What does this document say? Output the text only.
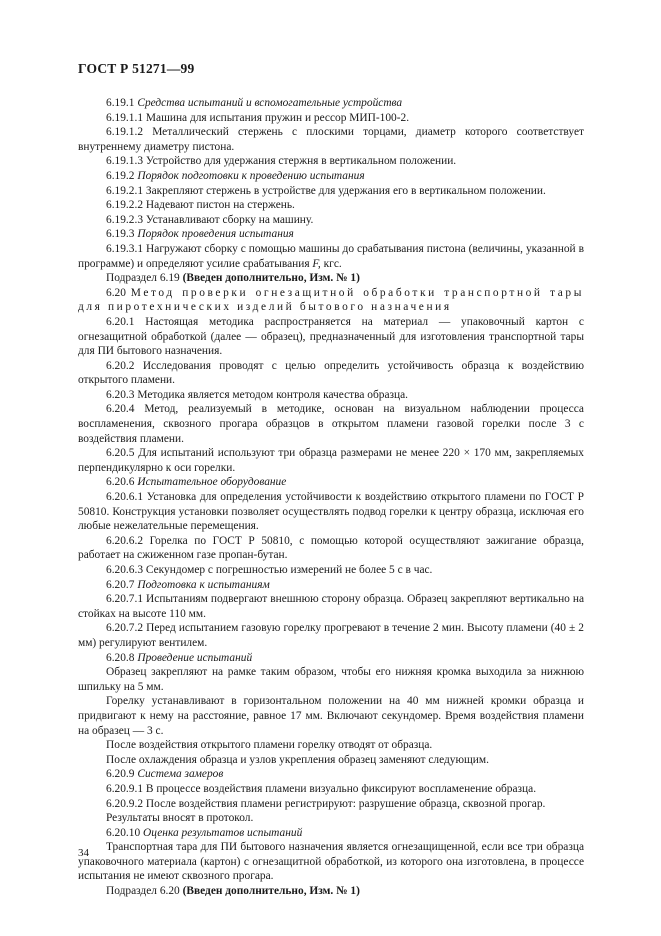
ГОСТ Р 51271—99

6.19.1 Средства испытаний и вспомогательные устройства

6.19.1.1 Машина для испытания пружин и рессор МИП-100-2.

6.19.1.2 Металлический стержень с плоскими торцами, диаметр которого соответствует внутреннему диаметру пистона.

6.19.1.3 Устройство для удержания стержня в вертикальном положении.

6.19.2 Порядок подготовки к проведению испытания

6.19.2.1 Закрепляют стержень в устройстве для удержания его в вертикальном положении.

6.19.2.2 Надевают пистон на стержень.

6.19.2.3 Устанавливают сборку на машину.

6.19.3 Порядок проведения испытания

6.19.3.1 Нагружают сборку с помощью машины до срабатывания пистона (величины, указанной в программе) и определяют усилие срабатывания F, кгс.

Подраздел 6.19 (Введен дополнительно, Изм. № 1)

6.20 Метод проверки огнезащитной обработки транспортной тары для пиротехнических изделий бытового назначения

6.20.1 Настоящая методика распространяется на материал — упаковочный картон с огнезащитной обработкой (далее — образец), предназначенный для изготовления транспортной тары для ПИ бытового назначения.

6.20.2 Исследования проводят с целью определить устойчивость образца к воздействию открытого пламени.

6.20.3 Методика является методом контроля качества образца.

6.20.4 Метод, реализуемый в методике, основан на визуальном наблюдении процесса воспламенения, сквозного прогара образцов в открытом пламени газовой горелки после 3 с воздействия пламени.

6.20.5 Для испытаний используют три образца размерами не менее 220 × 170 мм, закрепляемых перпендикулярно к оси горелки.

6.20.6 Испытательное оборудование

6.20.6.1 Установка для определения устойчивости к воздействию открытого пламени по ГОСТ Р 50810. Конструкция установки позволяет осуществлять подвод горелки к центру образца, исключая его любые нежелательные перемещения.

6.20.6.2 Горелка по ГОСТ Р 50810, с помощью которой осуществляют зажигание образца, работает на сжиженном газе пропан-бутан.

6.20.6.3 Секундомер с погрешностью измерений не более 5 с в час.

6.20.7 Подготовка к испытаниям

6.20.7.1 Испытаниям подвергают внешнюю сторону образца. Образец закрепляют вертикально на стойках на высоте 110 мм.

6.20.7.2 Перед испытанием газовую горелку прогревают в течение 2 мин. Высоту пламени (40 ± 2 мм) регулируют вентилем.

6.20.8 Проведение испытаний

Образец закрепляют на рамке таким образом, чтобы его нижняя кромка выходила за нижнюю шпильку на 5 мм.

Горелку устанавливают в горизонтальном положении на 40 мм нижней кромки образца и придвигают к нему на расстояние, равное 17 мм. Включают секундомер. Время воздействия пламени на образец — 3 с.

После воздействия открытого пламени горелку отводят от образца.

После охлаждения образца и узлов укрепления образец заменяют следующим.

6.20.9 Система замеров

6.20.9.1 В процессе воздействия пламени визуально фиксируют воспламенение образца.

6.20.9.2 После воздействия пламени регистрируют: разрушение образца, сквозной прогар.

Результаты вносят в протокол.

6.20.10 Оценка результатов испытаний

Транспортная тара для ПИ бытового назначения является огнезащищенной, если все три образца упаковочного материала (картон) с огнезащитной обработкой, из которого она изготовлена, в процессе испытания не имеют сквозного прогара.

Подраздел 6.20 (Введен дополнительно, Изм. № 1)

34
